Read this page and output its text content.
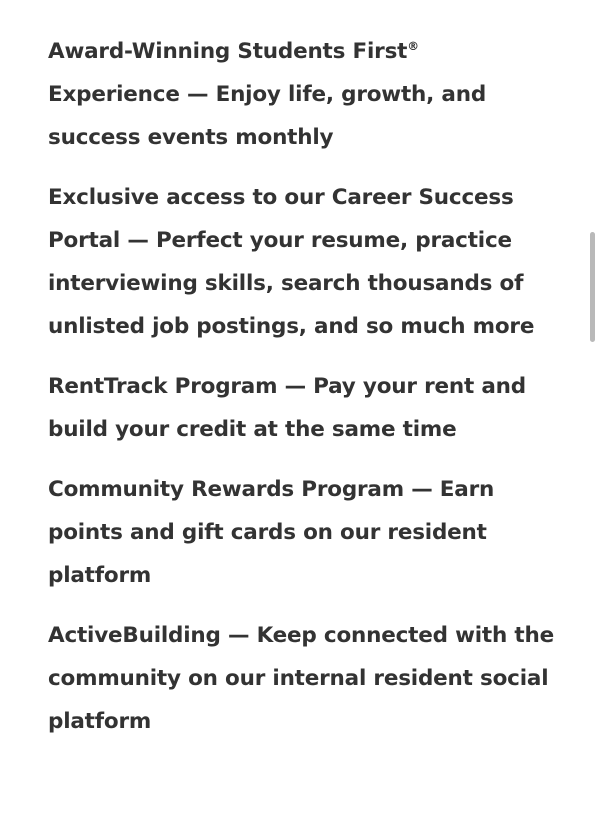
Award-Winning Students First® Experience — Enjoy life, growth, and success events monthly

Exclusive access to our Career Success Portal — Perfect your resume, practice interviewing skills, search thousands of unlisted job postings, and so much more

RentTrack Program — Pay your rent and build your credit at the same time

Community Rewards Program — Earn points and gift cards on our resident platform

ActiveBuilding — Keep connected with the community on our internal resident social platform
